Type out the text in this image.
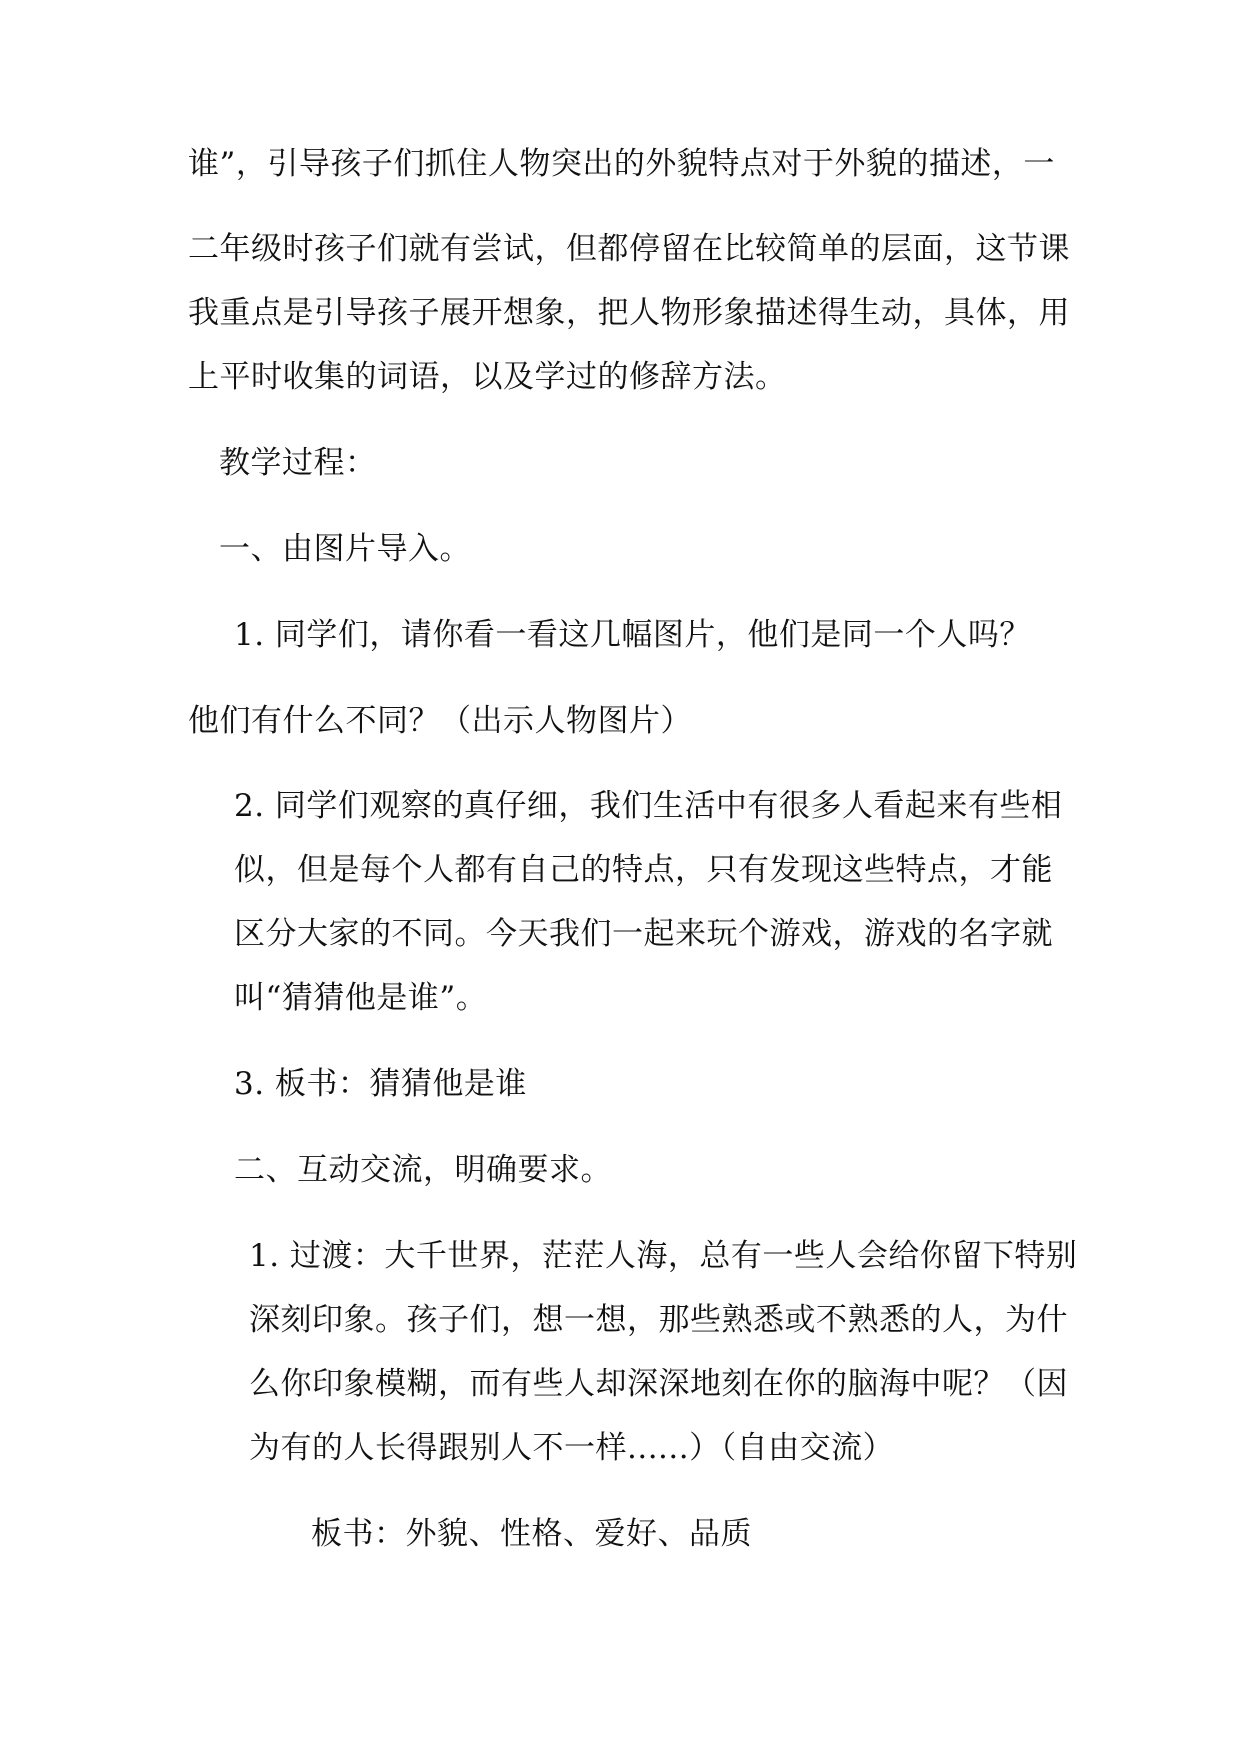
谁”，引导孩子们抓住人物突出的外貌特点对于外貌的描述，一
二年级时孩子们就有尝试，但都停留在比较简单的层面，这节课
我重点是引导孩子展开想象，把人物形象描述得生动，具体，用
上平时收集的词语，以及学过的修辞方法。
教学过程：
一、由图片导入。
1. 同学们，请你看一看这几幅图片，他们是同一个人吗？
他们有什么不同？（出示人物图片）
2. 同学们观察的真仔细，我们生活中有很多人看起来有些相
似，但是每个人都有自己的特点，只有发现这些特点，才能
区分大家的不同。今天我们一起来玩个游戏，游戏的名字就
叫“猜猜他是谁”。
3. 板书：猜猜他是谁
二、互动交流，明确要求。
1. 过渡：大千世界，茫茫人海，总有一些人会给你留下特别
深刻印象。孩子们，想一想，那些熟悉或不熟悉的人，为什
么你印象模糊，而有些人却深深地刻在你的脑海中呢？（因
为有的人长得跟别人不一样......）（自由交流）
板书：外貌、性格、爱好、品质
